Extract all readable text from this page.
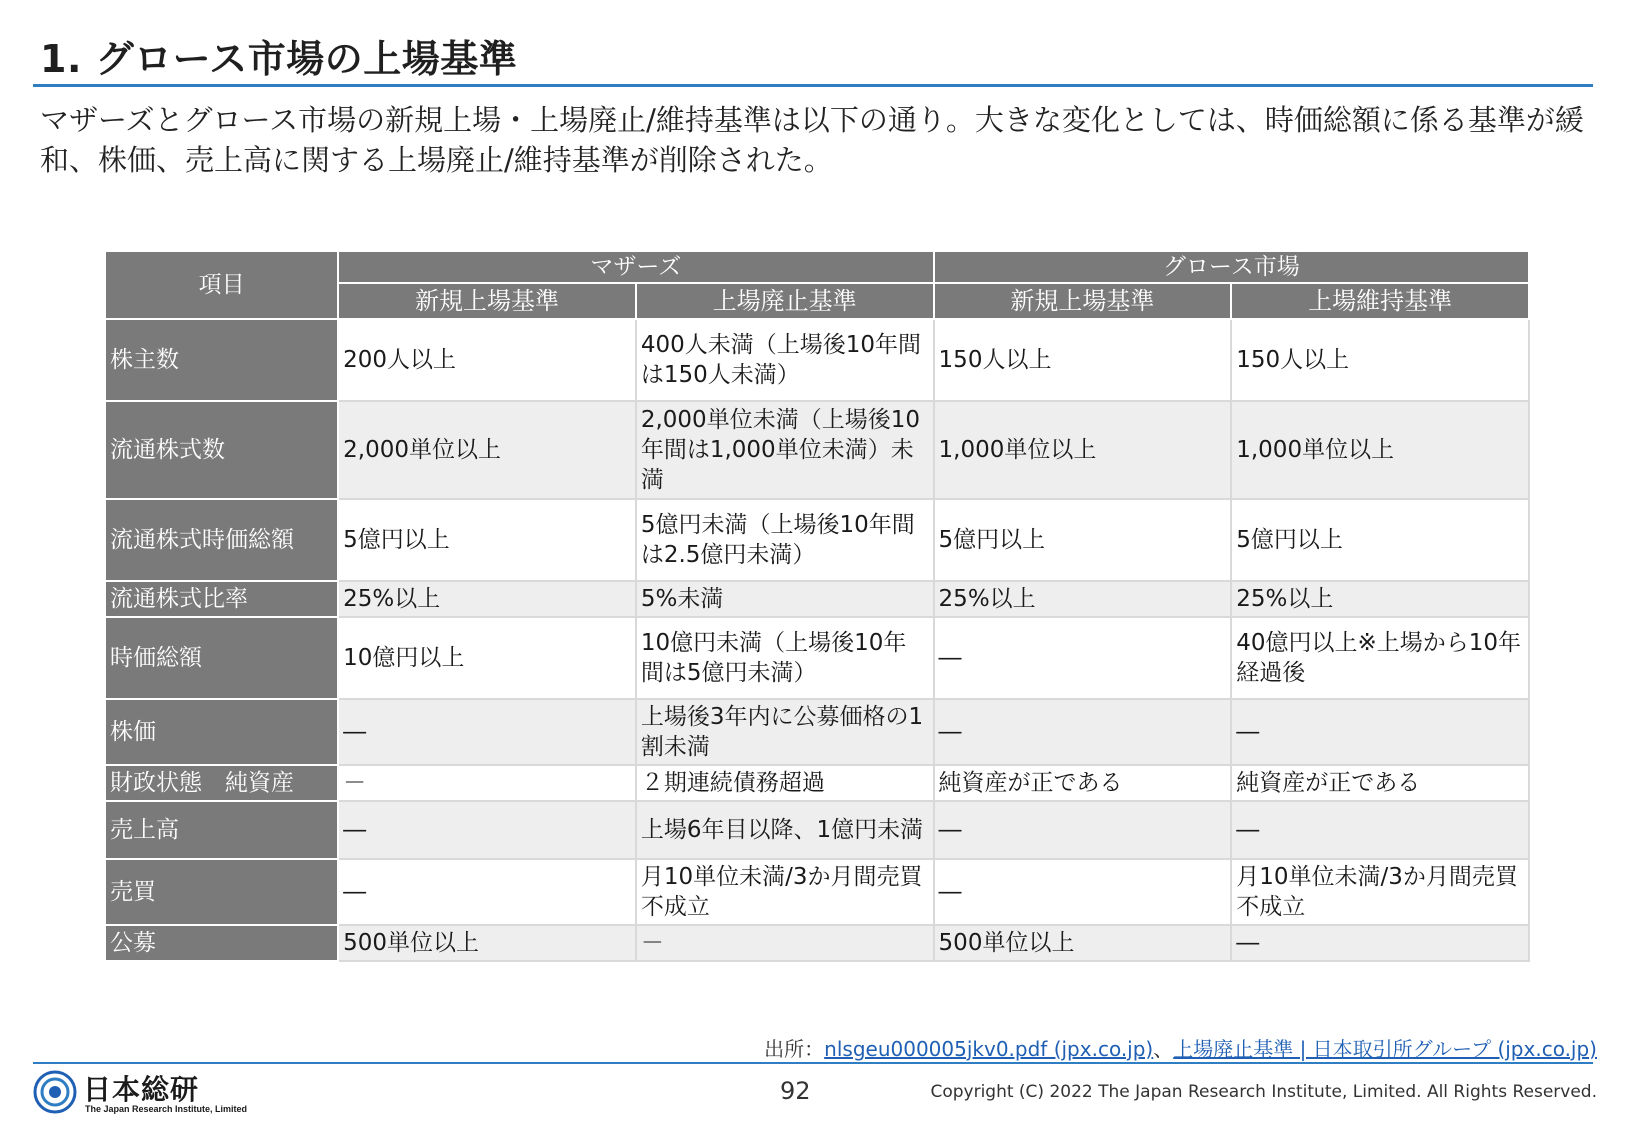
1. グロース市場の上場基準
マザーズとグロース市場の新規上場・上場廃止/維持基準は以下の通り。大きな変化としては、時価総額に係る基準が緩和、株価、売上高に関する上場廃止/維持基準が削除された。
項目	マザーズ		グロース市場	
	新規上場基準	上場廃止基準	新規上場基準	上場維持基準
株主数	200人以上	400人未満（上場後10年間は150人未満）	150人以上	150人以上
流通株式数	2,000単位以上	2,000単位未満（上場後10年間は1,000単位未満）未満	1,000単位以上	1,000単位以上
流通株式時価総額	5億円以上	5億円未満（上場後10年間は2.5億円未満）	5億円以上	5億円以上
流通株式比率	25%以上	5%未満	25%以上	25%以上
時価総額	10億円以上	10億円未満（上場後10年間は5億円未満）	―	40億円以上※上場から10年経過後
株価	―	上場後3年内に公募価格の1割未満	―	―
財政状態　純資産	－	２期連続債務超過	純資産が正である	純資産が正である
売上高	―	上場6年目以降、1億円未満	―	―
売買	―	月10単位未満/3か月間売買不成立	―	月10単位未満/3か月間売買不成立
公募	500単位以上	－	500単位以上	―
出所：nlsgeu000005jkv0.pdf (jpx.co.jp)、上場廃止基準 | 日本取引所グループ (jpx.co.jp)
日本総研
The Japan Research Institute, Limited
92	Copyright (C) 2022 The Japan Research Institute, Limited. All Rights Reserved.
